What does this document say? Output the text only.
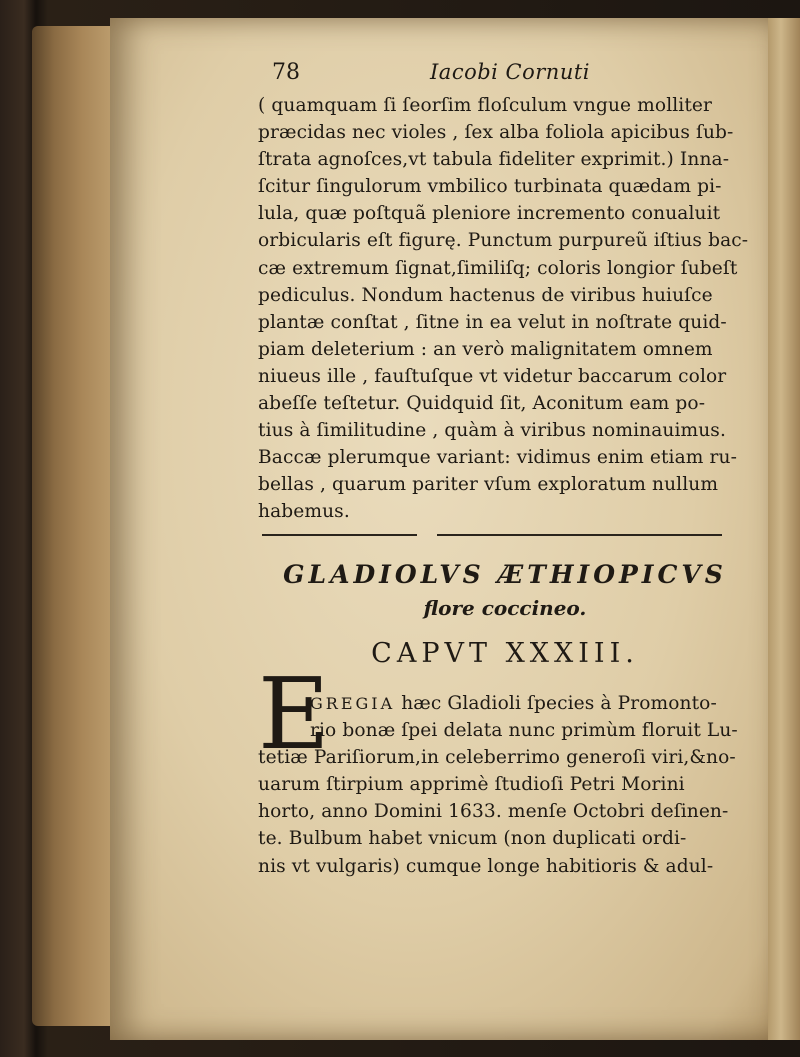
78	Iacobi Cornuti
( quamquam ſi ſeorſim floſculum vngue molliter
præcidas nec violes , ſex alba foliola apicibus ſub-
ſtrata agnoſces,vt tabula fideliter exprimit.) Inna-
ſcitur ſingulorum vmbilico turbinata quædam pi-
lula, quæ poſtquã pleniore incremento conualuit
orbicularis eſt figurę. Punctum purpureũ iſtius bac-
cæ extremum ſignat,ſimiliſq; coloris longior ſubeſt
pediculus. Nondum hactenus de viribus huiuſce
plantæ conſtat , ſitne in ea velut in noſtrate quid-
piam deleterium : an verò malignitatem omnem
niueus ille , fauſtuſque vt videtur baccarum color
abeſſe teſtetur. Quidquid ſit, Aconitum eam po-
tius à ſimilitudine , quàm à viribus nominauimus.
Baccæ plerumque variant: vidimus enim etiam ru-
bellas , quarum pariter vſum exploratum nullum
habemus.
GLADIOLVS ÆTHIOPICVS
flore coccineo.
CAPVT XXXIII.
E
GREGIA hæc Gladioli ſpecies à Promonto-
rio bonæ ſpei delata nunc primùm floruit Lu-
tetiæ Pariſiorum,in celeberrimo generoſi viri,&no-
uarum ſtirpium apprimè ſtudioſi Petri Morini
horto, anno Domini 1633. menſe Octobri deſinen-
te. Bulbum habet vnicum (non duplicati ordi-
nis vt vulgaris) cumque longe habitioris & adul-
